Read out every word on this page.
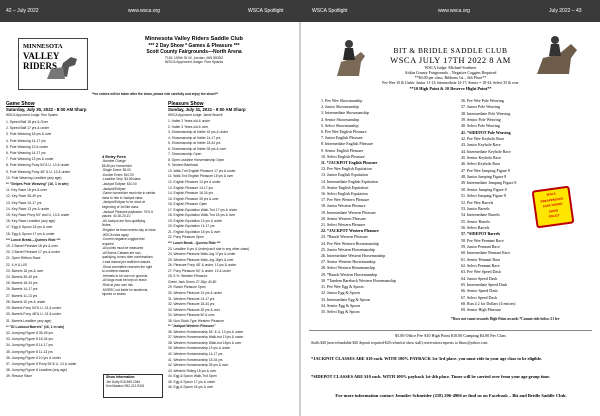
42 – July 2022	www.wsca.org	WSCA Spotlight	WSCA Spotlight	www.wsca.org	July 2022 – 43
MINNESOTA
VALLEY
RIDERS
Minnesota Valley Riders Saddle Club
*** 2 Day Show * Games & Pleasure ***
Scott County Fairgrounds—North Arena
7151 190th St W, Jordan, MN 55352
WSCA Approved Judge: Ron Sparks
**no entries will be taken after the show, please ride carefully and enjoy the show!**
Game Show
Saturday, July 30, 2022 - 8:00 AM Sharp
WSCA Approved Judge: Ron Sparks
1. Speed Ball 18 yrs & Over
2. Speed Ball 17 yrs & under
3. Pole Weaving 18 yrs & over
4. Pole Weaving 14-17 yrs
5. Pole Weaving 13 & under
6. Pole Weaving 14-17 yrs
7. Pole Weaving 13 yrs & under
8. Pole Weaving Pony 54"& U, 13 & under
9. Pole Weaving Pony 48" & U, 13 & under
10. Pole Weaving Leadline (any age)
** "Stripes Pole Weaving" (16, 1 in win)
11. Key Race 18 yrs & over
12. Key Race 35-49 yrs
13. Key Race 14-17 yrs
14. Key Race 13 yrs & under
15. Key Race Pony 54" and U, 13 & under
16. Key Race Leadline (any age)
17. Egg & Spoon 18 yrs & over
18. Egg & Spoon 17 yrs & under
*** Lunch Break—Queens Ride ***
19. 2 Barrel Pennant 18 yrs & over
20. 2 Barrel Pennant 17 yrs & under
21. Open Ribbon Race
22. 4-H & U/S
23. Barrels 18 yrs & over
24. Barrels 35-49 yrs
25. Barrels 18-34 yrs
26. Barrels 14-17 yrs
27. Barrels 11-13 yrs
28. Barrels 10 yrs & under
29. Barrels Pony 54"& U, 13 & under
30. Barrels Pony 48"& U, 13 & under
31. Barrels Leadline (any age)
** "ID Lockout Barrels" (16, 1 in win)
32. Jumping Figure 8 35-49 yrs
33. Jumping Figure 8 18-34 yrs
34. Jumping Figure 8 14-17 yrs
35. Jumping Figure 8 11-13 yrs
36. Jumping Figure 8 10 yrs & under
37. Jumping Figure 8 Pony 54"& U, 13 & under
38. Jumping Figure 8 Leadline (any age)
39. Rescue Race
4 Entry Fees
-Number Charge
$5 All pro Horse/rider
-Single Event: $5.00
-Double Event: $10.00
-Leadline Only: $3.00/class
-Jackpot Eclipse: $10.00
-Jackpot/Eclipse:
-Game horse/rider must ride in similar
class to ride in Jackpot class
-Jackpot/Eclipse to be close at
beginning of 1st like class
-Jackpot Pleasure paybacks: 70%-5
places: 40-30-20-10
-All Jackpot are Non-qualifying
Notes:
-Register for team events day of show
-WSCA rules apply
-Current negative coggins test
required
-All points must be measured
-All Bonus Classes are non-
qualifying, bonus rider combinations
-Lead animal per walk/trot classes
-Show committee reserves the right
to combine classes
-Helmets to be worn on grounds
-All dogs must be kept on leash
-Ride at your own risk
-MVRSC not liable for accidents,
injuries or losses
Show Information
Jen Duffy 515-569-2064
Kim Madson 952-212-9431
Pleasure Show
Sunday, July 31, 2021 - 9:00 AM Sharp
WSCA Approved Judge: Jaime Brunell
1. Halter 2 Years old & under
2. Halter 3 Years old & over
3. Showmanship at Halter 18 yrs & under
4. Showmanship at Halter 14-17 yrs
5. Showmanship at Halter 18-34 yrs
6. Showmanship at Halter 35 yrs & over
7. Showmanship Open
8. Open Leadline Horsemanship Open
9. Tandem Bareback
10. Walk-Trot English Pleasure 17 yrs & under
11. Walk-Trot English Pleasure 18 yrs & over
12. English Pleasure 13 yrs & under
13. English Pleasure 14-17 yrs
14. English Pleasure 18-34 yrs
15. English Pleasure 35 yrs & over
16. English Pleasure Open
17. English Equitation Walk-Trot 17 yrs & under
18. English Equitation Walk-Trot 18 yrs & over
19. English Equitation 13 yrs & under
20. English Equitation 14-17 yrs
21. English Equitation 18 yrs & over
22. Pony Pleasure Open
*** Lunch Break - Queens Ride ***
23. Leadline 6 yrs & Under(can't ride in any other class)
24. Western Pleasure Walk-Jog 17yrs & under
25. Western Pleasure Walk-Jog 18yrs & over
26. Pleasure Pony 48" & under, 13 yrs & under
27. Pony Pleasure 54" & under, 13 & under
28. 5 Yr. Western Pleasure
Green Jack Green 27-36yr 40-60
29. Ranch Pleasure Open
30. Western Pleasure 13 yrs & under
31. Western Pleasure 14-17 yrs
32. Western Pleasure 18-34 yrs
33. Western Pleasure 35 yrs & over
34. Western Pleasure 50 & over
35. Non-Stock Type Western Pleasure
** "Jackpot Western Pleasure"
36. Western Horsemanship 54" & U, 13 yrs & under
37. Western Horsemanship Walk-trot 17yrs & under
38. Western Horsemanship Walk-trot 18yrs & over
39. Western Horsemanship 13 yrs & under
40. Western Horsemanship 14-17 yrs
41. Western Horsemanship 18-34 yrs
42. Western Horsemanship 35 yrs & over
43. Western Riding 18 yrs & over
44. Egg & Spoon Walk-Trot Open
45. Egg & Spoon 17 yrs & under
46. Egg & Spoon 18 yrs & over
BIT & BRIDLE SADDLE CLUB
WSCA JULY 17TH 2022 8 AM
WSCA Judge: Michael Sotebeer
Aitkin County Fairgrounds – Negative Coggins Required
**$4.00 per class. Ribbons 1st – 6th Place**
Pee Wee 10 & Under. Junior 11-13; Intermediate 14-17; Senior = 18-34; Select 35 & over
**10 High Point & 10 Reserve Hight Point**
1. Pee Wee Showmanship
2. Junior Showmanship
3. Intermediate Showmanship
4. Senior Showmanship
5. Select Showmanship
6. Pee Wee English Pleasure
7. Junior English Pleasure
8. Intermediate English Pleasure
9. Senior English Pleasure
10. Select English Pleasure
11. *JACKPOT English Pleasure
12. Pee Wee English Equitation
13. Junior English Equitation
14. Intermediate English Equitation
15. Senior English Equitation
16. Select English Equitation
17. Pee Wee Western Pleasure
18. Junior Western Pleasure
19. Intermediate Western Pleasure
20. Senior Western Pleasure
21. Select Western Pleasure
22. *JACKPOT Western Pleasure
23. *Ranch Western Pleasure
24. Pee Wee Western Horsemanship
25. Junior Western Horsemanship
26. Intermediate Western Horsemanship
27. Senior Western Horsemanship
28. Select Western Horsemanship
29. *Ranch Western Horsemanship
30. *Tandem Bareback Western Horsemanship
31. Pee Wee Egg & Spoon
32. Junior Egg & Spoon
33. Intermediate Egg & Spoon
34. Senior Egg & Spoon
35. Select Egg & Spoon
36. Pee Wee Pole Weaving
37. Junior Pole Weaving
38. Intermediate Pole Weaving
39. Senior Pole Weaving
40. Select Pole Weaving
41. *SIDEPOT Pole Weaving
42. Pee Wee Keyhole Race
43. Junior Keyhole Race
44. Intermediate Keyhole Race
45. Senior Keyhole Race
46. Select Keyhole Race
47. Pee Wee Jumping Figure 8
48. Junior Jumping Figure 8
49. Intermediate Jumping Figure 8
50. Senior Jumping Figure 8
51. Select Jumping Figure 8
52. Pee Wee Barrels
53. Junior Barrels
54. Intermediate Barrels
55. Senior Barrels
56. Select Barrels
57. *SIDEPOT Barrels
58. Pee Wee Pennant Race
59. Junior Pennant Race
60. Intermediate Pennant Race
61. Senior Pennant Race
62. Select Pennant Race
63. Pee Wee Speed Dash
64. Junior Speed Dash
65. Intermediate Speed Dash
66. Senior Speed Dash
67. Select Speed Dash
68. Run 4 2 for Dollars (4 entries)
69. Senior High Pleasure
WSCA
PREAPPROVED
SANCTIONED
SHOW
POLICY
*Does not count towards High Point awards *Cannot ride below 21 fee
$5.00 Office Fee $10 High Point $10.00 Camping $4.00 Per Class
Stalls $40 (non-refundable $20 deposit required-$20 refund at show stall) reservation requests to bbssc@yahoo.com
*JACKPOT CLASSES ARE $10 each. WITH 100% PAYBACK 1st-3rd place. you must ride in your age class to be eligible.
*SIDEPOT CLASSES ARE $10 each. WITH 100% payback 1st-4th place. Times will be carried over from your age group time.
For more information contact Jennifer Schneider (218) 206-4966 or find us on Facebook – Bit and Bridle Saddle Club.
